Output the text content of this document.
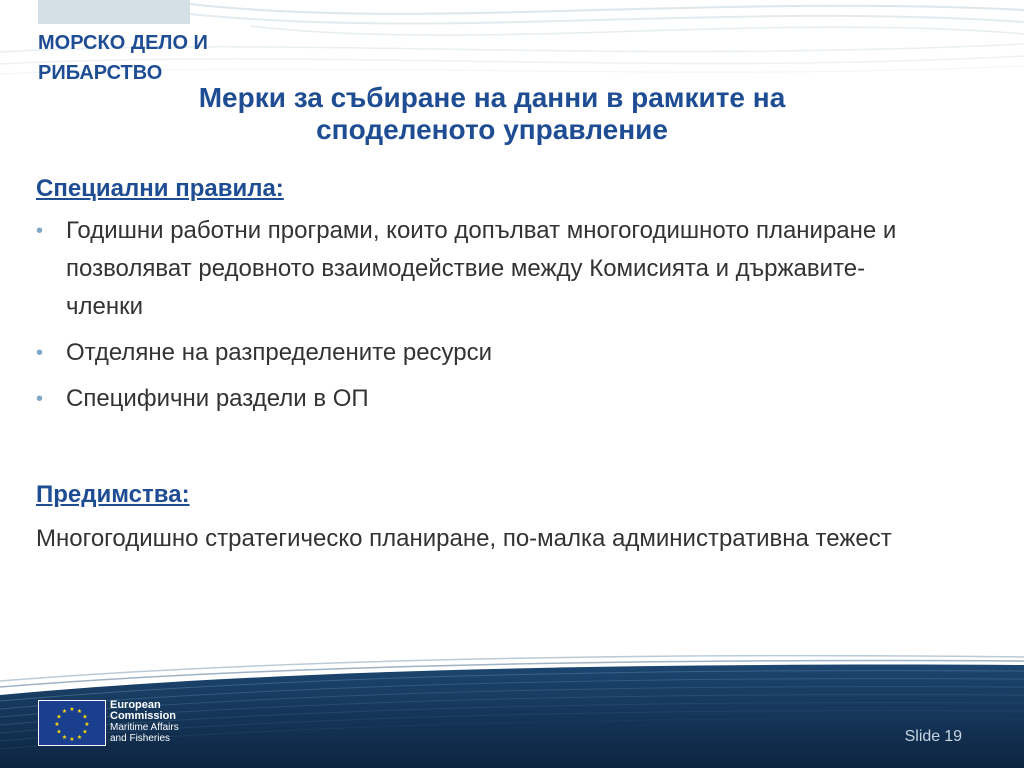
МОРСКО ДЕЛО И
РИБАРСТВО
Мерки за събиране на данни в рамките на
споделеното управление

Специални правила:

• Годишни работни програми, които допълват многогодишното планиране и позволяват редовното взаимодействие между Комисията и държавите-членки
• Отделяне на разпределените ресурси
• Специфични раздели в ОП

Предимства:

Многогодишно стратегическо планиране, по-малка административна тежест

★ ★
★
★
★
★
★
★
★
★
★
★
European
Commission
Maritime Affairs
and Fisheries	Slide 19
